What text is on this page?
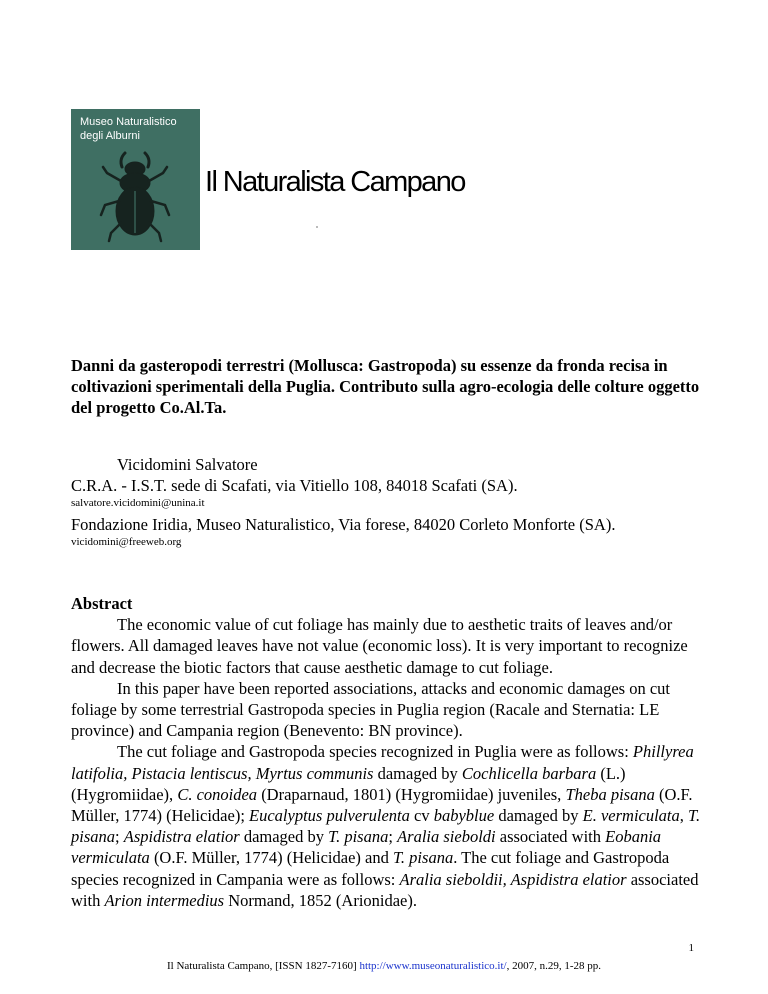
Museo Naturalistico
degli Alburni
Il Naturalista Campano
Danni da gasteropodi terrestri (Mollusca: Gastropoda) su essenze da fronda recisa in coltivazioni sperimentali della Puglia. Contributo sulla agro-ecologia delle colture oggetto del progetto Co.Al.Ta.
Vicidomini Salvatore
C.R.A. - I.S.T. sede di Scafati, via Vitiello 108, 84018 Scafati (SA).
salvatore.vicidomini@unina.it
Fondazione Iridia, Museo Naturalistico, Via forese, 84020 Corleto Monforte (SA).
vicidomini@freeweb.org
Abstract

The economic value of cut foliage has mainly due to aesthetic traits of leaves and/or flowers. All damaged leaves have not value (economic loss). It is very important to recognize and decrease the biotic factors that cause aesthetic damage to cut foliage.

In this paper have been reported associations, attacks and economic damages on cut foliage by some terrestrial Gastropoda species in Puglia region (Racale and Sternatia: LE province) and Campania region (Benevento: BN province).

The cut foliage and Gastropoda species recognized in Puglia were as follows: Phillyrea latifolia, Pistacia lentiscus, Myrtus communis damaged by Cochlicella barbara (L.) (Hygromiidae), C. conoidea (Draparnaud, 1801) (Hygromiidae) juveniles, Theba pisana (O.F. Müller, 1774) (Helicidae); Eucalyptus pulverulenta cv babyblue damaged by E. vermiculata, T. pisana; Aspidistra elatior damaged by T. pisana; Aralia sieboldi associated with Eobania vermiculata (O.F. Müller, 1774) (Helicidae) and T. pisana. The cut foliage and Gastropoda species recognized in Campania were as follows: Aralia sieboldii, Aspidistra elatior associated with Arion intermedius Normand, 1852 (Arionidae).

1
Il Naturalista Campano, [ISSN 1827-7160] http://www.museonaturalistico.it/, 2007, n.29, 1-28 pp.
